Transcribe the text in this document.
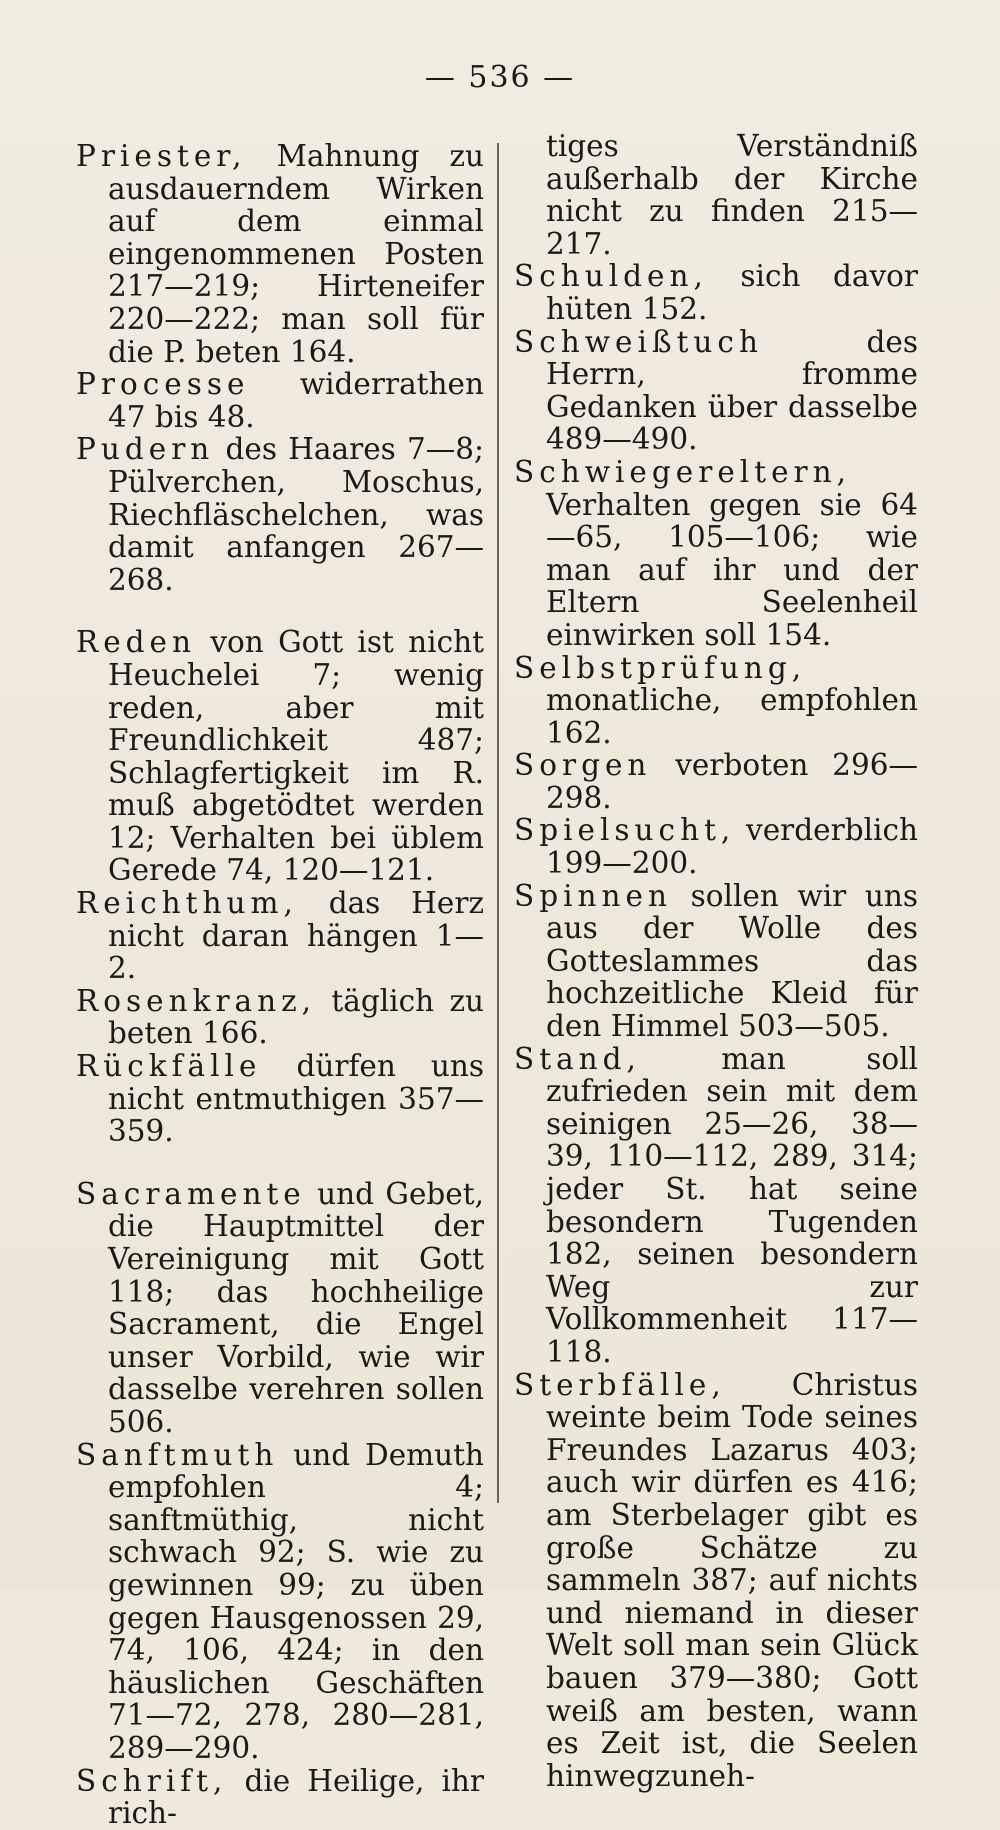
— 536 —

Priester, Mahnung zu ausdauerndem Wirken auf dem einmal eingenommenen Posten 217—219; Hirteneifer 220—222; man soll für die P. beten 164.

Processe widerrathen 47 bis 48.

Pudern des Haares 7—8; Pülverchen, Moschus, Riechfläschelchen, was damit anfangen 267—268.

Reden von Gott ist nicht Heuchelei 7; wenig reden, aber mit Freundlichkeit 487; Schlagfertigkeit im R. muß abgetödtet werden 12; Verhalten bei üblem Gerede 74, 120—121.

Reichthum, das Herz nicht daran hängen 1—2.

Rosenkranz, täglich zu beten 166.

Rückfälle dürfen uns nicht entmuthigen 357—359.

Sacramente und Gebet, die Hauptmittel der Vereinigung mit Gott 118; das hochheilige Sacrament, die Engel unser Vorbild, wie wir dasselbe verehren sollen 506.

Sanftmuth und Demuth empfohlen 4; sanftmüthig, nicht schwach 92; S. wie zu gewinnen 99; zu üben gegen Hausgenossen 29, 74, 106, 424; in den häuslichen Geschäften 71—72, 278, 280—281, 289—290.

Schrift, die Heilige, ihr rich-

tiges Verständniß außerhalb der Kirche nicht zu finden 215—217.

Schulden, sich davor hüten 152.

Schweißtuch	des Herrn, fromme Gedanken über dasselbe 489—490.

Schwiegereltern, Verhalten gegen sie 64—65, 105—106; wie man auf ihr und der Eltern Seelenheil einwirken soll 154.

Selbstprüfung, monatliche, empfohlen 162.

Sorgen verboten 296—298.

Spielsucht, verderblich 199—200.

Spinnen sollen wir uns aus der Wolle des Gotteslammes das hochzeitliche Kleid für den Himmel 503—505.

Stand,	man soll zufrieden sein mit dem seinigen 25—26, 38—39, 110—112, 289, 314; jeder St. hat seine besondern Tugenden 182, seinen besondern Weg zur Vollkommenheit 117—118.

Sterbfälle, Christus weinte beim Tode seines Freundes Lazarus 403; auch wir dürfen es 416; am Sterbelager gibt es große Schätze zu sammeln 387; auf nichts und niemand in dieser Welt soll man sein Glück bauen 379—380; Gott weiß am besten, wann es Zeit ist, die Seelen hinwegzuneh-
